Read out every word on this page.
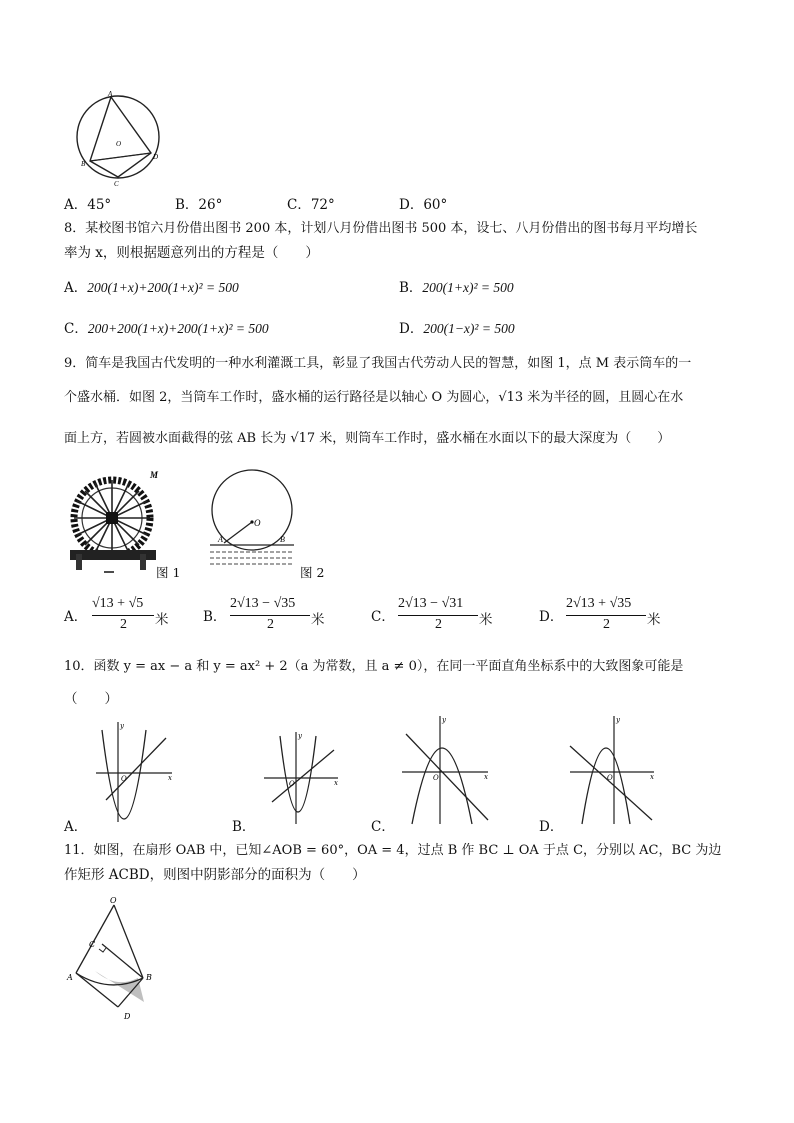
A
B
C
D
O
A．45°	B．26°	C．72°	D．60°
8．某校图书馆六月份借出图书 200 本，计划八月份借出图书 500 本，设七、八月份借出的图书每月平均增长
率为 x，则根据题意列出的方程是（　　）
A．200(1+x)+200(1+x)² = 500	B．200(1+x)² = 500
C．200+200(1+x)+200(1+x)² = 500	D．200(1−x)² = 500
9．简车是我国古代发明的一种水利灌溉工具，彰显了我国古代劳动人民的智慧，如图 1，点 M 表示筒车的一
个盛水桶．如图 2，当筒车工作时，盛水桶的运行路径是以轴心 O 为圆心，√13 米为半径的圆，且圆心在水
面上方，若圆被水面截得的弦 AB 长为 √17 米，则筒车工作时，盛水桶在水面以下的最大深度为（　　）
M
图 1
O
A	B
图 2
A．
√13 + √5
2 米	B．
2√13 − √35
2	米	C．
2√13 − √31
2	米	D．
2√13 + √35
2	米
10．函数 y = ax − a 和 y = ax² + 2（a 为常数，且 a ≠ 0），在同一平面直角坐标系中的大致图象可能是
（　　）
y
x
O
A．
y
x
O
B．
y
x
O
C．
y
x
O
D．
11．如图，在扇形 OAB 中，已知∠AOB = 60°，OA = 4，过点 B 作 BC ⊥ OA 于点 C，分别以 AC，BC 为边
作矩形 ACBD，则图中阴影部分的面积为（　　）
O
C
A	B
D
